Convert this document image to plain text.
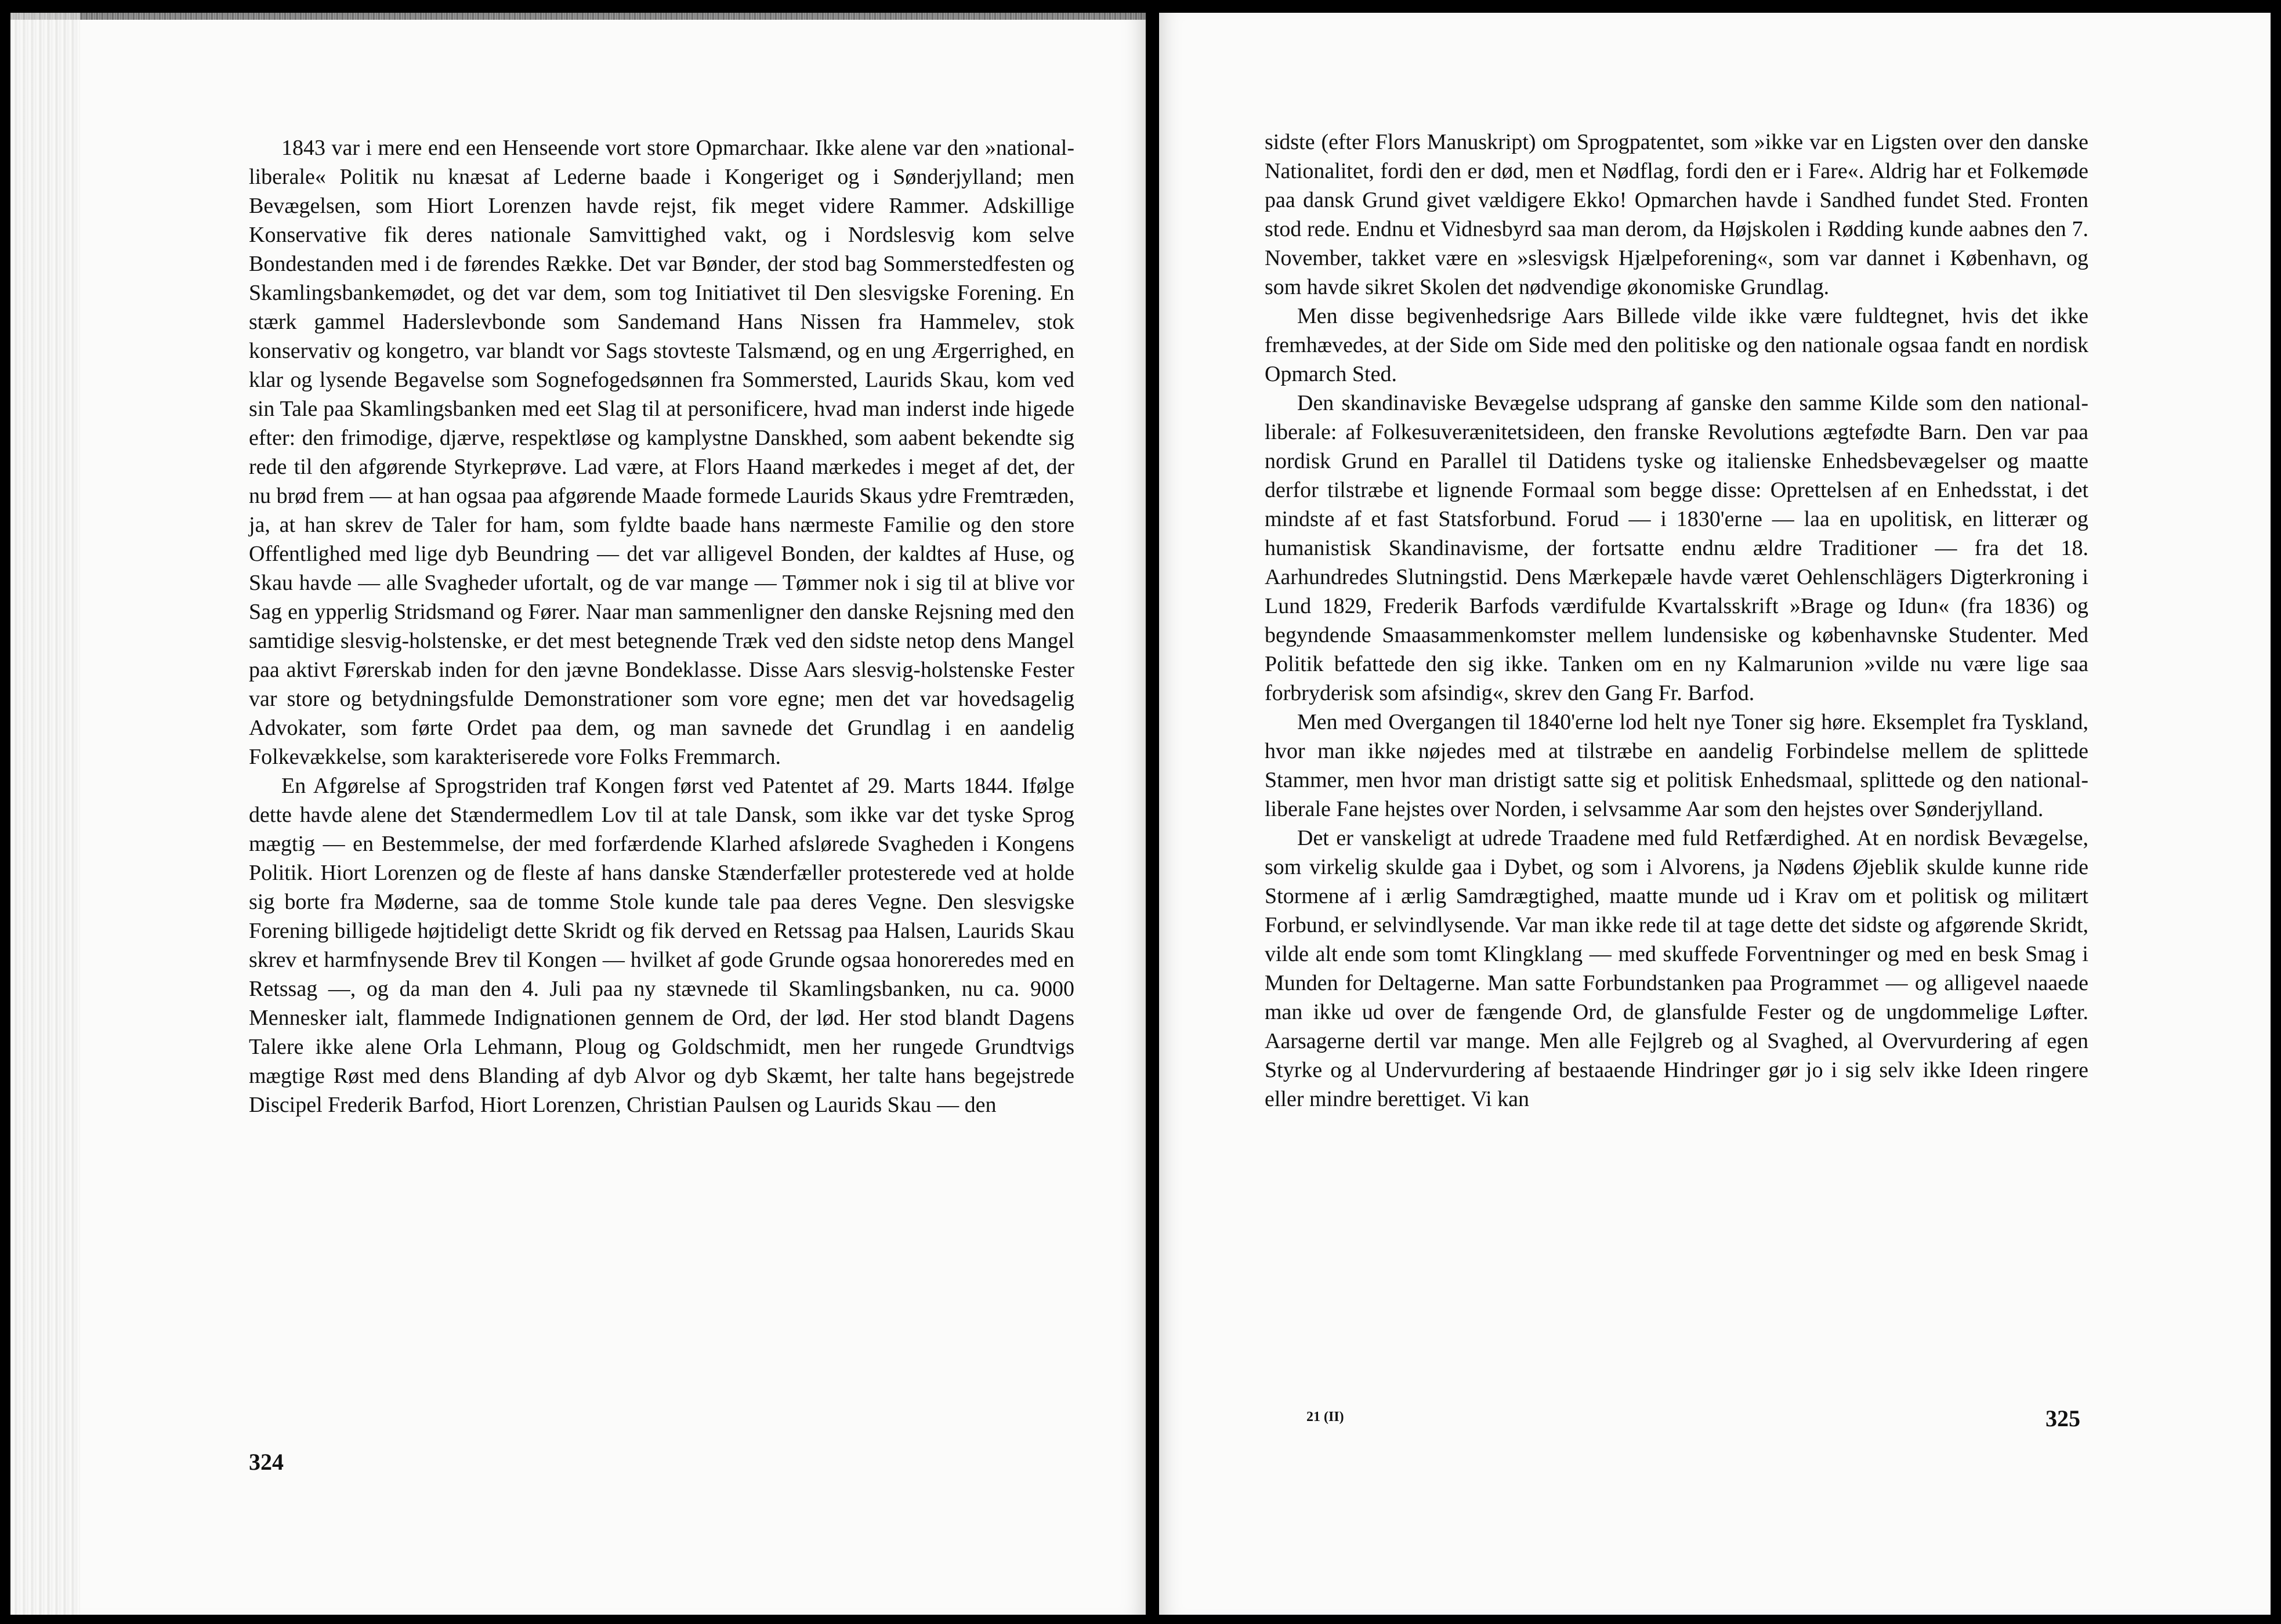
1843 var i mere end een Henseende vort store Opmarchaar. Ikke alene var den »national-liberale« Politik nu knæsat af Lederne baade i Kongeriget og i Sønderjylland; men Bevægelsen, som Hiort Lorenzen havde rejst, fik meget videre Rammer. Adskillige Konservative fik deres nationale Samvittighed vakt, og i Nordslesvig kom selve Bondestanden med i de førendes Række. Det var Bønder, der stod bag Sommerstedfesten og Skamlingsbankemødet, og det var dem, som tog Initiativet til Den slesvigske Forening. En stærk gammel Haderslevbonde som Sandemand Hans Nissen fra Hammelev, stok konservativ og kongetro, var blandt vor Sags stovteste Talsmænd, og en ung Ærgerrighed, en klar og lysende Begavelse som Sognefogedsønnen fra Sommersted, Laurids Skau, kom ved sin Tale paa Skamlingsbanken med eet Slag til at personificere, hvad man inderst inde higede efter: den frimodige, djærve, respektløse og kamplystne Danskhed, som aabent bekendte sig rede til den afgørende Styrkeprøve. Lad være, at Flors Haand mærkedes i meget af det, der nu brød frem — at han ogsaa paa afgørende Maade formede Laurids Skaus ydre Fremtræden, ja, at han skrev de Taler for ham, som fyldte baade hans nærmeste Familie og den store Offentlighed med lige dyb Beundring — det var alligevel Bonden, der kaldtes af Huse, og Skau havde — alle Svagheder ufortalt, og de var mange — Tømmer nok i sig til at blive vor Sag en ypperlig Stridsmand og Fører. Naar man sammenligner den danske Rejsning med den samtidige slesvig-holstenske, er det mest betegnende Træk ved den sidste netop dens Mangel paa aktivt Førerskab inden for den jævne Bondeklasse. Disse Aars slesvig-holstenske Fester var store og betydningsfulde Demonstrationer som vore egne; men det var hovedsagelig Advokater, som førte Ordet paa dem, og man savnede det Grundlag i en aandelig Folkevækkelse, som karakteriserede vore Folks Fremmarch.

En Afgørelse af Sprogstriden traf Kongen først ved Patentet af 29. Marts 1844. Ifølge dette havde alene det Stændermedlem Lov til at tale Dansk, som ikke var det tyske Sprog mægtig — en Bestemmelse, der med forfærdende Klarhed afslørede Svagheden i Kongens Politik. Hiort Lorenzen og de fleste af hans danske Stænderfæller protesterede ved at holde sig borte fra Møderne, saa de tomme Stole kunde tale paa deres Vegne. Den slesvigske Forening billigede højtideligt dette Skridt og fik derved en Retssag paa Halsen, Laurids Skau skrev et harmfnysende Brev til Kongen — hvilket af gode Grunde ogsaa honoreredes med en Retssag —, og da man den 4. Juli paa ny stævnede til Skamlingsbanken, nu ca. 9000 Mennesker ialt, flammede Indignationen gennem de Ord, der lød. Her stod blandt Dagens Talere ikke alene Orla Lehmann, Ploug og Goldschmidt, men her rungede Grundtvigs mægtige Røst med dens Blanding af dyb Alvor og dyb Skæmt, her talte hans begejstrede Discipel Frederik Barfod, Hiort Lorenzen, Christian Paulsen og Laurids Skau — den

324

sidste (efter Flors Manuskript) om Sprogpatentet, som »ikke var en Ligsten over den danske Nationalitet, fordi den er død, men et Nødflag, fordi den er i Fare«. Aldrig har et Folkemøde paa dansk Grund givet vældigere Ekko! Opmarchen havde i Sandhed fundet Sted. Fronten stod rede. Endnu et Vidnesbyrd saa man derom, da Højskolen i Rødding kunde aabnes den 7. November, takket være en »slesvigsk Hjælpeforening«, som var dannet i København, og som havde sikret Skolen det nødvendige økonomiske Grundlag.

Men disse begivenhedsrige Aars Billede vilde ikke være fuldtegnet, hvis det ikke fremhævedes, at der Side om Side med den politiske og den nationale ogsaa fandt en nordisk Opmarch Sted.

Den skandinaviske Bevægelse udsprang af ganske den samme Kilde som den national-liberale: af Folkesuverænitetsideen, den franske Revolutions ægtefødte Barn. Den var paa nordisk Grund en Parallel til Datidens tyske og italienske Enhedsbevægelser og maatte derfor tilstræbe et lignende Formaal som begge disse: Oprettelsen af en Enhedsstat, i det mindste af et fast Statsforbund. Forud — i 1830'erne — laa en upolitisk, en litterær og humanistisk Skandinavisme, der fortsatte endnu ældre Traditioner — fra det 18. Aarhundredes Slutningstid. Dens Mærkepæle havde været Oehlenschlägers Digterkroning i Lund 1829, Frederik Barfods værdifulde Kvartalsskrift »Brage og Idun« (fra 1836) og begyndende Smaasammenkomster mellem lundensiske og københavnske Studenter. Med Politik befattede den sig ikke. Tanken om en ny Kalmarunion »vilde nu være lige saa forbryderisk som afsindig«, skrev den Gang Fr. Barfod.

Men med Overgangen til 1840'erne lod helt nye Toner sig høre. Eksemplet fra Tyskland, hvor man ikke nøjedes med at tilstræbe en aandelig Forbindelse mellem de splittede Stammer, men hvor man dristigt satte sig et politisk Enhedsmaal, splittede og den national-liberale Fane hejstes over Norden, i selvsamme Aar som den hejstes over Sønderjylland.

Det er vanskeligt at udrede Traadene med fuld Retfærdighed. At en nordisk Bevægelse, som virkelig skulde gaa i Dybet, og som i Alvorens, ja Nødens Øjeblik skulde kunne ride Stormene af i ærlig Samdrægtighed, maatte munde ud i Krav om et politisk og militært Forbund, er selvindlysende. Var man ikke rede til at tage dette det sidste og afgørende Skridt, vilde alt ende som tomt Klingklang — med skuffede Forventninger og med en besk Smag i Munden for Deltagerne. Man satte Forbundstanken paa Programmet — og alligevel naaede man ikke ud over de fængende Ord, de glansfulde Fester og de ungdommelige Løfter. Aarsagerne dertil var mange. Men alle Fejlgreb og al Svaghed, al Overvurdering af egen Styrke og al Undervurdering af bestaaende Hindringer gør jo i sig selv ikke Ideen ringere eller mindre berettiget. Vi kan

21 (II)	325
